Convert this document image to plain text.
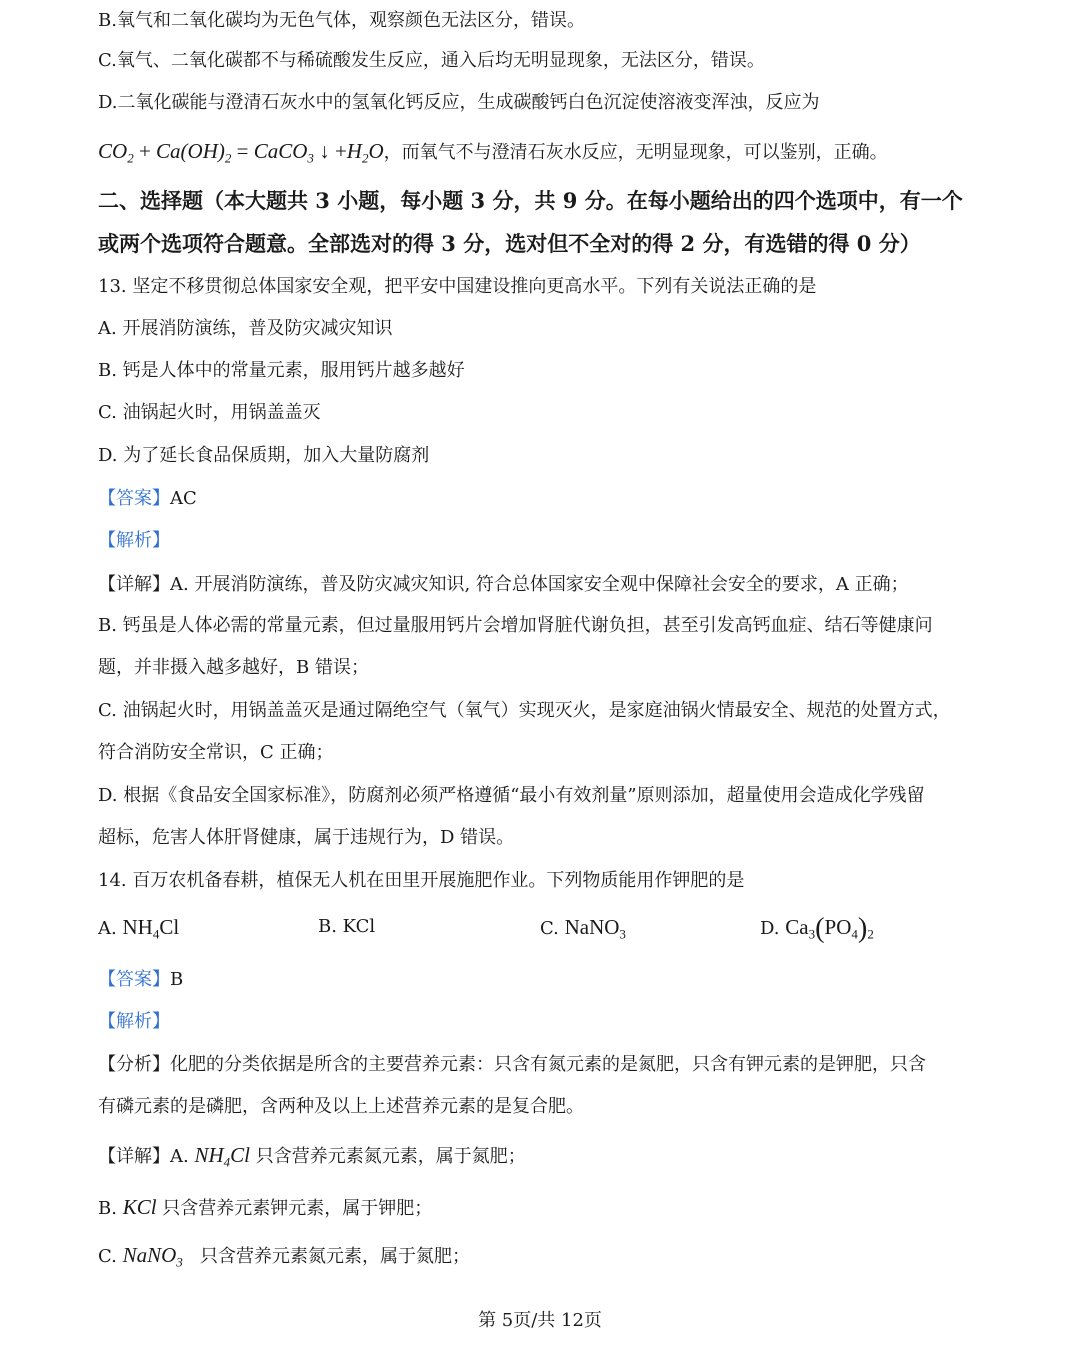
B.氧气和二氧化碳均为无色气体，观察颜色无法区分，错误。
C.氧气、二氧化碳都不与稀硫酸发生反应，通入后均无明显现象，无法区分，错误。
D.二氧化碳能与澄清石灰水中的氢氧化钙反应，生成碳酸钙白色沉淀使溶液变浑浊，反应为
$CO_2 + Ca(OH)_2$ = CaCO$_3$ ↓ $+H_2O$，而氧气不与澄清石灰水反应，无明显现象，可以鉴别，正确。
二、选择题（本大题共 3 小题，每小题 3 分，共 9 分。在每小题给出的四个选项中，有一个
或两个选项符合题意。全部选对的得 3 分，选对但不全对的得 2 分，有选错的得 0 分）
13. 坚定不移贯彻总体国家安全观，把平安中国建设推向更高水平。下列有关说法正确的是
A. 开展消防演练，普及防灾减灾知识
B. 钙是人体中的常量元素，服用钙片越多越好
C. 油锅起火时，用锅盖盖灭
D. 为了延长食品保质期，加入大量防腐剂
【答案】AC
【解析】
【详解】A. 开展消防演练，普及防灾减灾知识, 符合总体国家安全观中保障社会安全的要求，A 正确；
B. 钙虽是人体必需的常量元素，但过量服用钙片会增加肾脏代谢负担，甚至引发高钙血症、结石等健康问
题，并非摄入越多越好，B 错误；
C. 油锅起火时，用锅盖盖灭是通过隔绝空气（氧气）实现灭火，是家庭油锅火情最安全、规范的处置方式，
符合消防安全常识，C 正确；
D. 根据《食品安全国家标准》，防腐剂必须严格遵循“最小有效剂量”原则添加，超量使用会造成化学残留
超标，危害人体肝肾健康，属于违规行为，D 错误。
14. 百万农机备春耕，植保无人机在田里开展施肥作业。下列物质能用作钾肥的是
A. $NH_4Cl$	B. KCl	C. NaNO$_3$	D. $Ca_3(PO_4)_2$
【答案】B
【解析】
【分析】化肥的分类依据是所含的主要营养元素：只含有氮元素的是氮肥，只含有钾元素的是钾肥，只含
有磷元素的是磷肥，含两种及以上上述营养元素的是复合肥。
【详解】A. $NH_4Cl$ 只含营养元素氮元素，属于氮肥；
B. KCl 只含营养元素钾元素，属于钾肥；
C. NaNO$_3$ 只含营养元素氮元素，属于氮肥；
第 5页/共 12页
